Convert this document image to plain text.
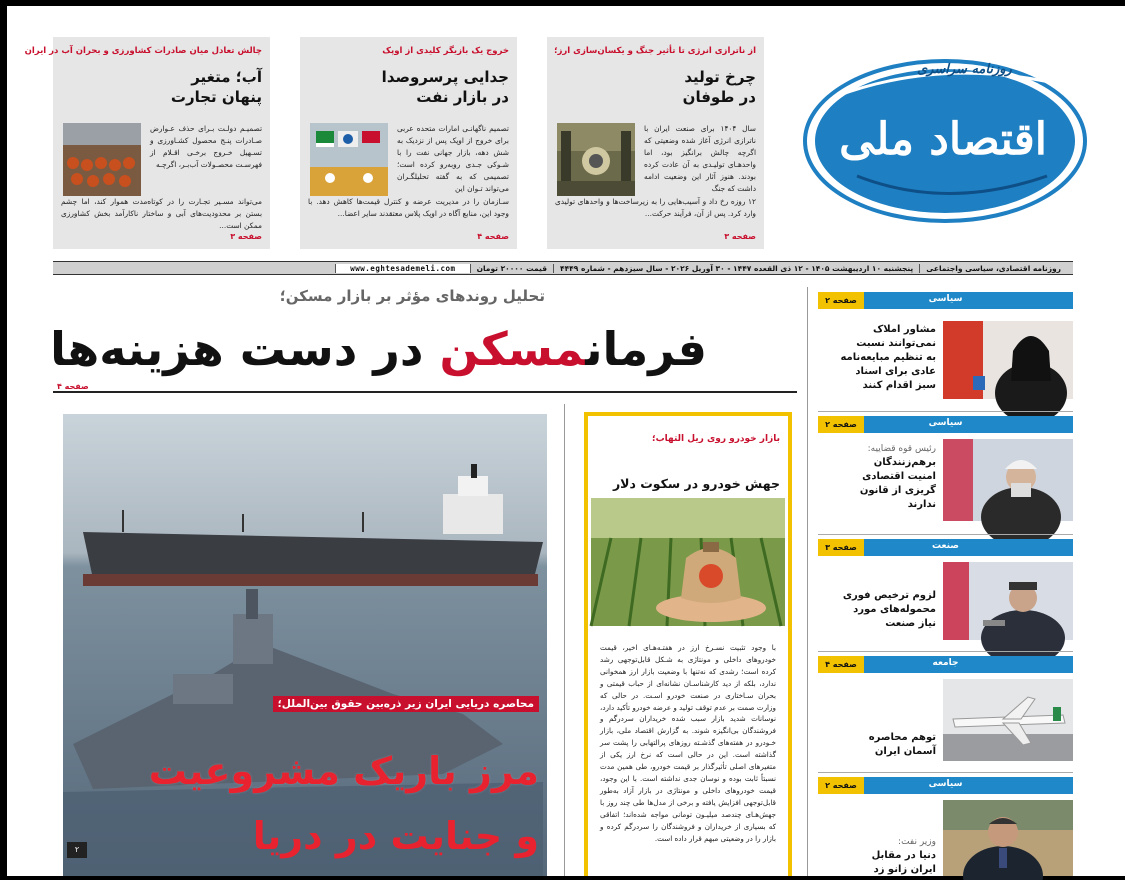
از ناترازی انرژی تا تأثیر جنگ و یکسان‌سازی ارز؛
چرخ تولید
در طوفان
سال ۱۴۰۴ برای صنعت ایران با ناترازی انرژی آغاز شده وضعیتی که اگرچه چالش برانگیز بود، اما واحدهـای تولیـدی به آن عادت کرده بودند. هنوز آثار این وضعیت ادامه داشت که جنگ
۱۲ روزه رخ داد و آسیب‌هایی را به زیرساخت‌ها و واحدهای تولیدی وارد کرد. پس از آن، فرآیند حرکت...
صفحه ۳
خروج یک بازیگر کلیدی از اوپک
جدایی پرسروصدا
در بازار نفت
تصمیم ناگهانـی امارات متحده عربی برای خروج از اوپک پس از نزدیک به شش دهه، بازار جهانی نفت را با شـوکی جـدی روبه‌رو کرده است؛ تصمیمی که به گفته تحلیلگـران می‌تواند تـوان این
سـازمان را در مدیریت عرضه و کنترل قیمت‌ها کاهش دهد. با وجود این، منابع آگاه در اوپک پلاس معتقدند سایر اعضا...
صفحه ۴
چالش تعادل میان صادرات کشاورزی و بحران آب در ایران
آب؛ متغیر
پنهان تجارت
تصمیـم دولـت بـرای حذف عـوارض صـادرات پنـج محصول کشـاورزی و تسـهیل خـروج برخـی اقـلام از فهرسـت محصـولات آب‌بـر، اگرچـه
می‌تواند مسـیر تجـارت را در کوتاه‌مدت هموار کند، اما چشم بستن بر محدودیت‌های آبی و ساختار ناکارآمد بخش کشاورزی ممکن است...
صفحه ۳
روزنامه سراسری
اقتصاد ملی
روزنامه اقتصادی، سیاسی واجتماعی
پنجشنبه ۱۰ اردیبهشت ۱۴۰۵ - ۱۲ ذی القعده ۱۴۴۷ - ۳۰ آوریل ۲۰۲۶ - سال سیزدهم - شماره ۴۴۴۹
قیمت ۲۰۰۰۰ تومان
www.eghtesademeli.com
تحلیل روندهای مؤثر بر بازار مسکن؛
فرمانمسکن در دست هزینه‌ها
صفحه ۴
محاصره دریایی ایران زیر ذره‌بین حقوق بین‌الملل؛
مرز باریک مشروعیت
و جنایت در دریا
۲
بازار خودرو روی ریل التهاب؛
جهش خودرو در سکوت دلار
با وجود تثبیت نسـرخ ارز در هفتـه‌هـای اخیر، قیمت خودروهای داخلی و مونتاژی به شـکل قابل‌توجهی رشد کرده است؛ رشدی که نه‌تنها با وضعیت بازار ارز همخوانی ندارد، بلکه از دید کارشناسـان نشانه‌ای از حباب قیمتی و بحران سـاختاری در صنعت خودرو اسـت. در حالی که وزارت صمت بر عدم توقف تولید و عرضه خودرو تأکید دارد، نوسانات شدید بازار سبب شده خریداران سردرگم و فروشندگان بی‌انگیزه شوند. به گزارش اقتصاد ملی، بازار خـودرو در هفته‌های گذشـته روزهای پرالتهابی را پشت سر گذاشته است. این در حالی است که نرخ ارز یکی از متغیرهای اصلی تأثیرگذار بر قیمت خودرو، طی همین مدت نسبتاً ثابت بوده و نوسان جدی نداشته است. با این وجود، قیمت خودروهای داخلی و مونتاژی در بازار آزاد به‌طور قابل‌توجهی افزایش یافته و برخی از مدل‌ها طی چند روز با جهش‌هـای چندصد میلیـون تومانی مواجه شده‌اند؛ اتفاقی که بسیاری از خریداران و فروشندگان را سردرگم کرده و بازار را در وضعیتی مبهم قرار داده است.
سیاسی
صفحه ۲
مشاور املاک
نمی‌توانند نسبت
به تنظیم مبایعه‌نامه
عادی برای اسناد
سبز اقدام کنند
سیاسی
صفحه ۲
رئیس قوه قضاییه:
برهم‌زنندگان
امنیت اقتصادی
گریزی از قانون
ندارند
صنعت
صفحه ۳
لزوم ترخیص فوری
محموله‌های مورد
نیاز صنعت
جامعه
صفحه ۴
توهم محاصره
آسمان ایران
سیاسی
صفحه ۲
وزیر نفت:
دنیا در مقابل
ایران زانو زد
